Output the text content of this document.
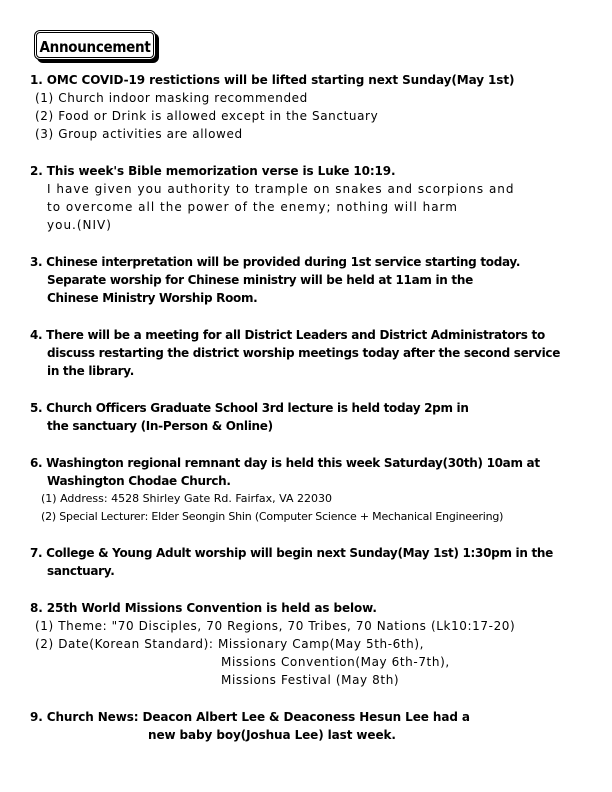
Announcement
1. OMC COVID-19 restictions will be lifted starting next Sunday(May 1st)
(1) Church indoor masking recommended
(2) Food or Drink is allowed except in the Sanctuary
(3) Group activities are allowed
2. This week's Bible memorization verse is Luke 10:19.
I have given you authority to trample on snakes and scorpions and
to overcome all the power of the enemy; nothing will harm
you.(NIV)
3. Chinese interpretation will be provided during 1st service starting today.
Separate worship for Chinese ministry will be held at 11am in the
Chinese Ministry Worship Room.
4. There will be a meeting for all District Leaders and District Administrators to
discuss restarting the district worship meetings today after the second service
in the library.
5. Church Officers Graduate School 3rd lecture is held today 2pm in
the sanctuary (In-Person & Online)
6. Washington regional remnant day is held this week Saturday(30th) 10am at
Washington Chodae Church.
(1) Address: 4528 Shirley Gate Rd. Fairfax, VA 22030
(2) Special Lecturer: Elder Seongin Shin (Computer Science + Mechanical Engineering)
7. College & Young Adult worship will begin next Sunday(May 1st) 1:30pm in the
sanctuary.
8. 25th World Missions Convention is held as below.
(1) Theme: "70 Disciples, 70 Regions, 70 Tribes, 70 Nations (Lk10:17-20)
(2) Date(Korean Standard): Missionary Camp(May 5th-6th),
Missions Convention(May 6th-7th),
Missions Festival (May 8th)
9. Church News: Deacon Albert Lee & Deaconess Hesun Lee had a
new baby boy(Joshua Lee) last week.
